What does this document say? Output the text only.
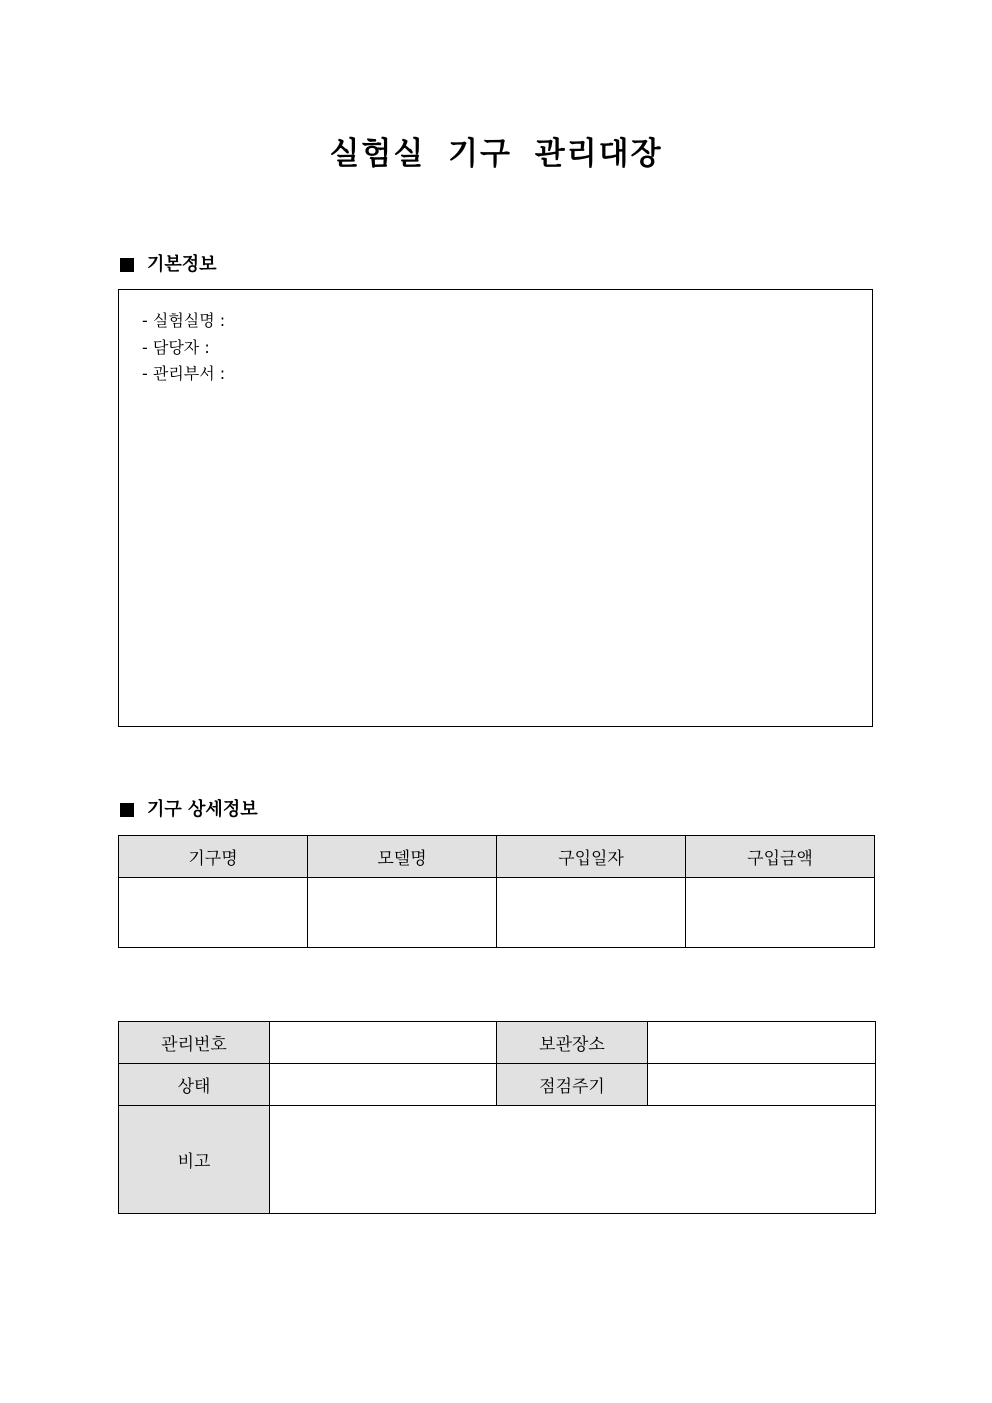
실험실 기구 관리대장
기본정보
- 실험실명 :
- 담당자 :
- 관리부서 :
기구 상세정보
기구명	모델명	구입일자	구입금액

관리번호		보관장소	
상태		점검주기	
비고			
